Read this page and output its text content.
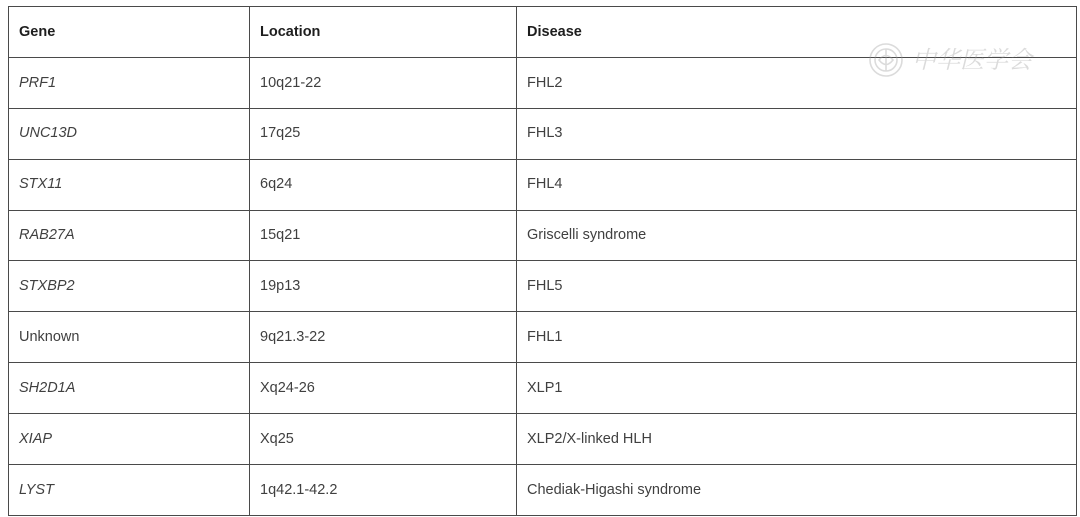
Gene	Location	Disease
PRF1	10q21-22	FHL2
UNC13D	17q25	FHL3
STX11	6q24	FHL4
RAB27A	15q21	Griscelli syndrome
STXBP2	19p13	FHL5
Unknown	9q21.3-22	FHL1
SH2D1A	Xq24-26	XLP1
XIAP	Xq25	XLP2/X-linked HLH
LYST	1q42.1-42.2	Chediak-Higashi syndrome
中华医学会
